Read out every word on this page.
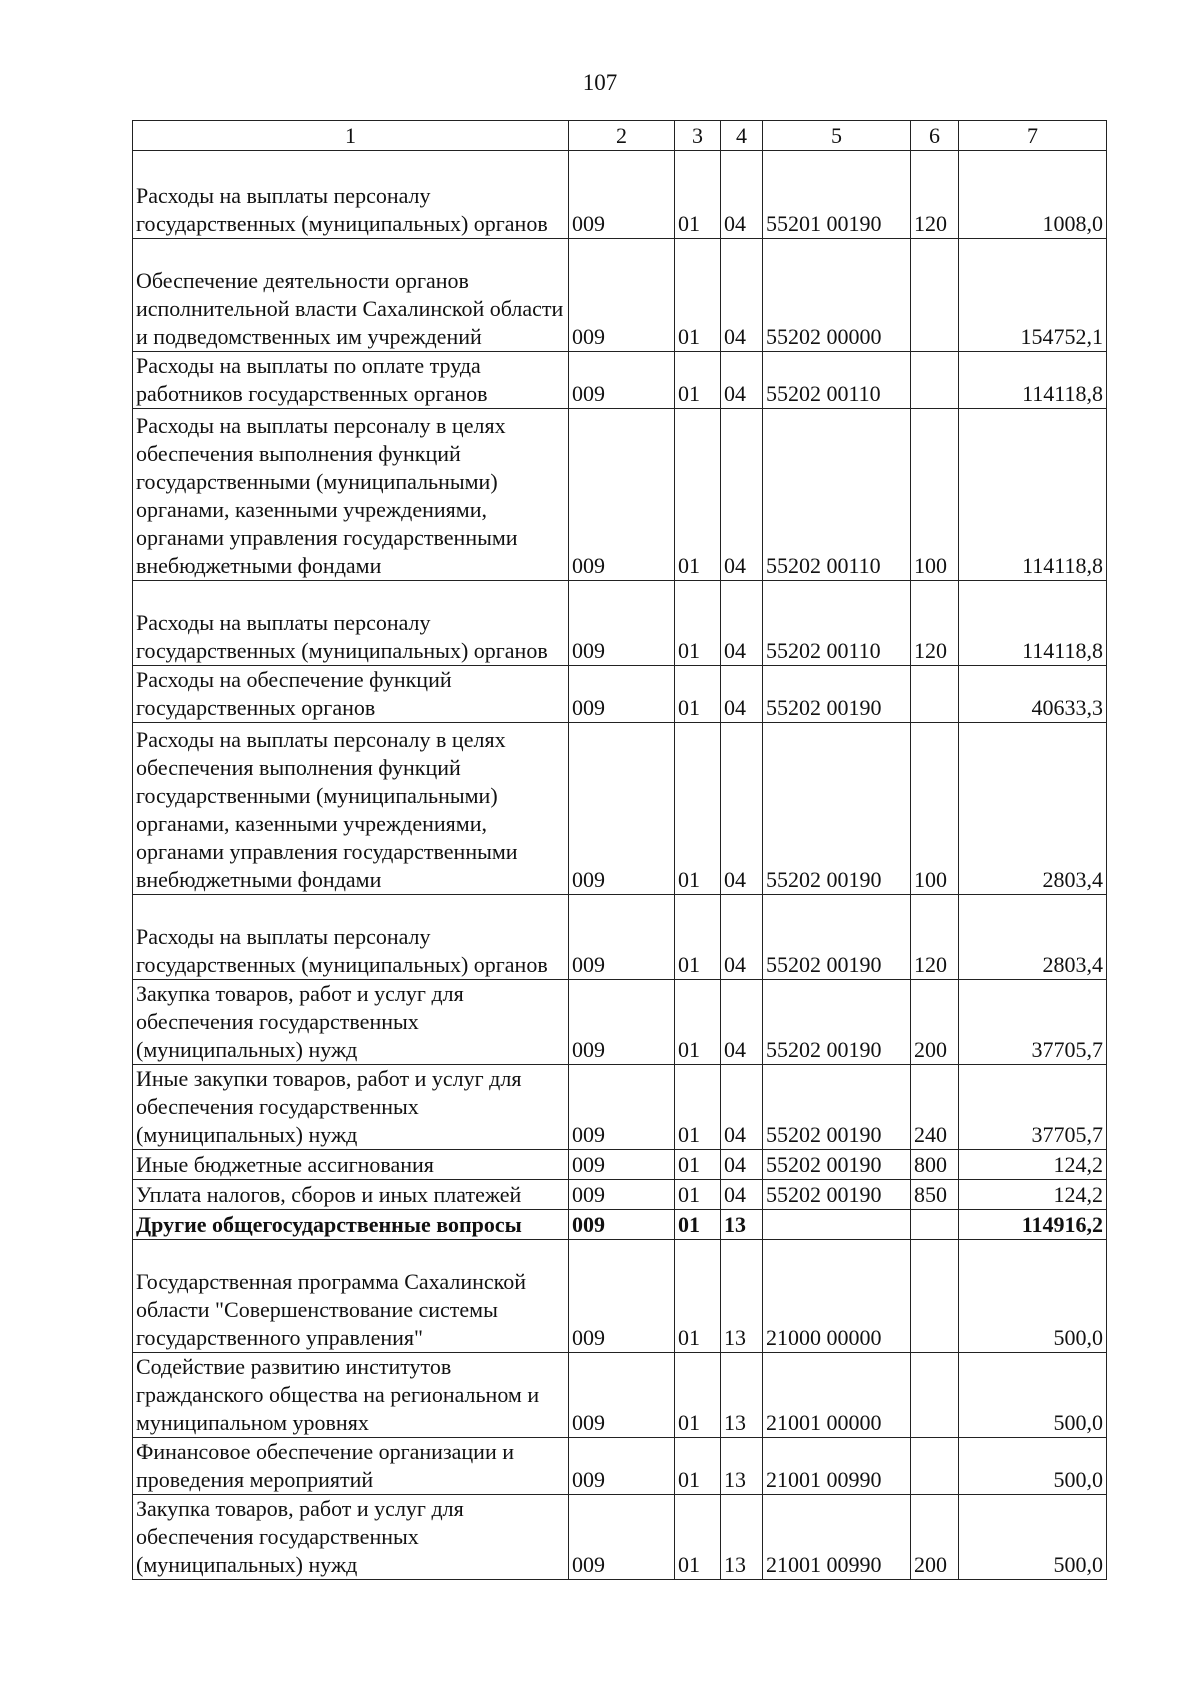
107
1	2	3	4	5	6	7
Расходы на выплаты персоналу государственных (муниципальных) органов	009	01	04	55201 00190	120	1008,0
Обеспечение деятельности органов исполнительной власти Сахалинской области и подведомственных им учреждений	009	01	04	55202 00000		154752,1
Расходы на выплаты по оплате труда работников государственных органов	009	01	04	55202 00110		114118,8
Расходы на выплаты персоналу в целях обеспечения выполнения функций государственными (муниципальными) органами, казенными учреждениями, органами управления государственными внебюджетными фондами	009	01	04	55202 00110	100	114118,8
Расходы на выплаты персоналу государственных (муниципальных) органов	009	01	04	55202 00110	120	114118,8
Расходы на обеспечение функций государственных органов	009	01	04	55202 00190		40633,3
Расходы на выплаты персоналу в целях обеспечения выполнения функций государственными (муниципальными) органами, казенными учреждениями, органами управления государственными внебюджетными фондами	009	01	04	55202 00190	100	2803,4
Расходы на выплаты персоналу государственных (муниципальных) органов	009	01	04	55202 00190	120	2803,4
Закупка товаров, работ и услуг для обеспечения государственных (муниципальных) нужд	009	01	04	55202 00190	200	37705,7
Иные закупки товаров, работ и услуг для обеспечения государственных (муниципальных) нужд	009	01	04	55202 00190	240	37705,7
Иные бюджетные ассигнования	009	01	04	55202 00190	800	124,2
Уплата налогов, сборов и иных платежей	009	01	04	55202 00190	850	124,2
Другие общегосударственные вопросы	009	01	13			114916,2
Государственная программа Сахалинской области "Совершенствование системы государственного управления"	009	01	13	21000 00000		500,0
Содействие развитию институтов гражданского общества на региональном и муниципальном уровнях	009	01	13	21001 00000		500,0
Финансовое обеспечение организации и проведения мероприятий	009	01	13	21001 00990		500,0
Закупка товаров, работ и услуг для обеспечения государственных (муниципальных) нужд	009	01	13	21001 00990	200	500,0
